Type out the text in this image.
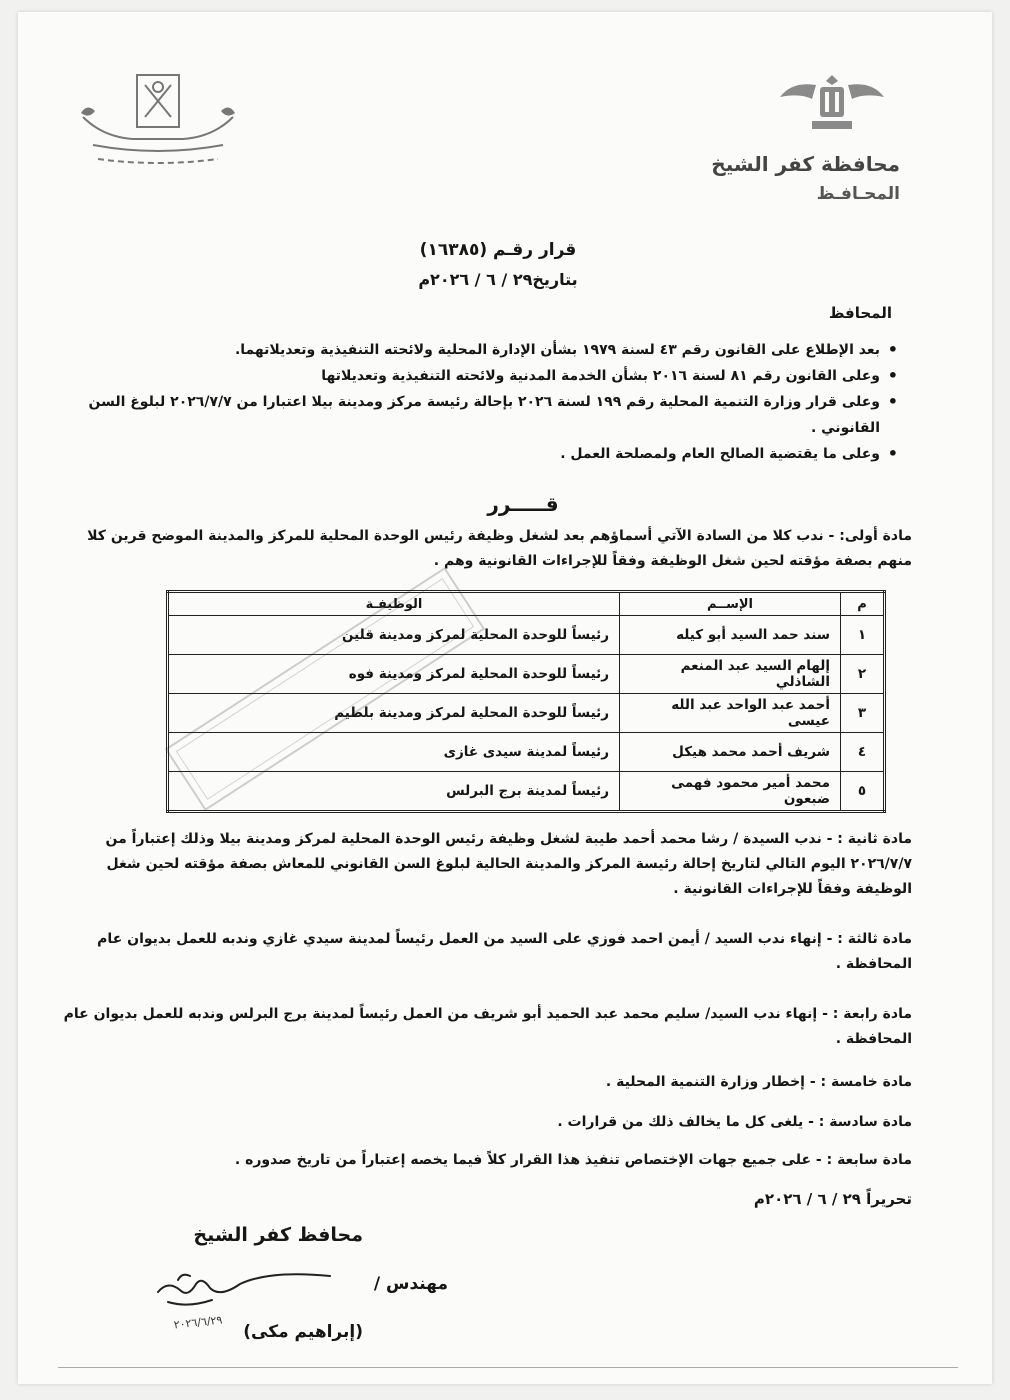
محافظة كفر الشيخ
المحـافـظ
قرار رقـم (١٦٣٨٥)
بتاريخ٢٩ / ٦ / ٢٠٢٦م
المحافظ
• بعد الإطلاع على القانون رقم ٤٣ لسنة ١٩٧٩ بشأن الإدارة المحلية ولائحته التنفيذية وتعديلاتهما.
• وعلى القانون رقم ٨١ لسنة ٢٠١٦ بشأن الخدمة المدنية ولائحته التنفيذية وتعديلاتها
• وعلى قرار وزارة التنمية المحلية رقم ١٩٩ لسنة ٢٠٢٦ بإحالة رئيسة مركز ومدينة بيلا اعتبارا من ٢٠٢٦/٧/٧ لبلوغ السن القانوني .
• وعلى ما يقتضية الصالح العام ولمصلحة العمل .
قـــــرر
مادة أولى: - ندب كلا من السادة الآتي أسماؤهم بعد لشغل وظيفة رئيس الوحدة المحلية للمركز والمدينة الموضح قرين كلا منهم بصفة مؤقته لحين شغل الوظيفة وفقاً للإجراءات القانونية وهم .
م	الإســم	الوظيفـة
١	سند حمد السيد أبو كيله	رئيساً للوحدة المحلية لمركز ومدينة قلين
٢	إلهام السيد عبد المنعم الشاذلي	رئيساً للوحدة المحلية لمركز ومدينة فوه
٣	أحمد عبد الواحد عبد الله عيسى	رئيساً للوحدة المحلية لمركز ومدينة بلطيم
٤	شريف أحمد محمد هيكل	رئيساً لمدينة سيدى غازى
٥	محمد أمير محمود فهمى ضبعون	رئيساً لمدينة برج البرلس
مادة ثانية : - ندب السيدة / رشا محمد أحمد طيبة لشغل وظيفة رئيس الوحدة المحلية لمركز ومدينة بيلا وذلك إعتباراً من ٢٠٢٦/٧/٧ اليوم التالي لتاريخ إحالة رئيسة المركز والمدينة الحالية لبلوغ السن القانوني للمعاش بصفة مؤقته لحين شغل الوظيفة وفقاً للإجراءات القانونية .
مادة ثالثة : - إنهاء ندب السيد / أيمن احمد فوزي على السيد من العمل رئيساً لمدينة سيدي غازي وندبه للعمل بديوان عام المحافظة .
مادة رابعة : - إنهاء ندب السيد/ سليم محمد عبد الحميد أبو شريف من العمل رئيساً لمدينة برج البرلس وندبه للعمل بديوان عام المحافظة .
مادة خامسة : - إخطار وزارة التنمية المحلية .
مادة سادسة : - يلغى كل ما يخالف ذلك من قرارات .
مادة سابعة : - على جميع جهات الإختصاص تنفيذ هذا القرار كلاً فيما يخصه إعتباراً من تاريخ صدوره .
تحريراً ٢٩ / ٦ / ٢٠٢٦م
محافظ كفر الشيخ
مهندس /
٢٠٢٦/٦/٢٩	(إبراهيم مكى)
